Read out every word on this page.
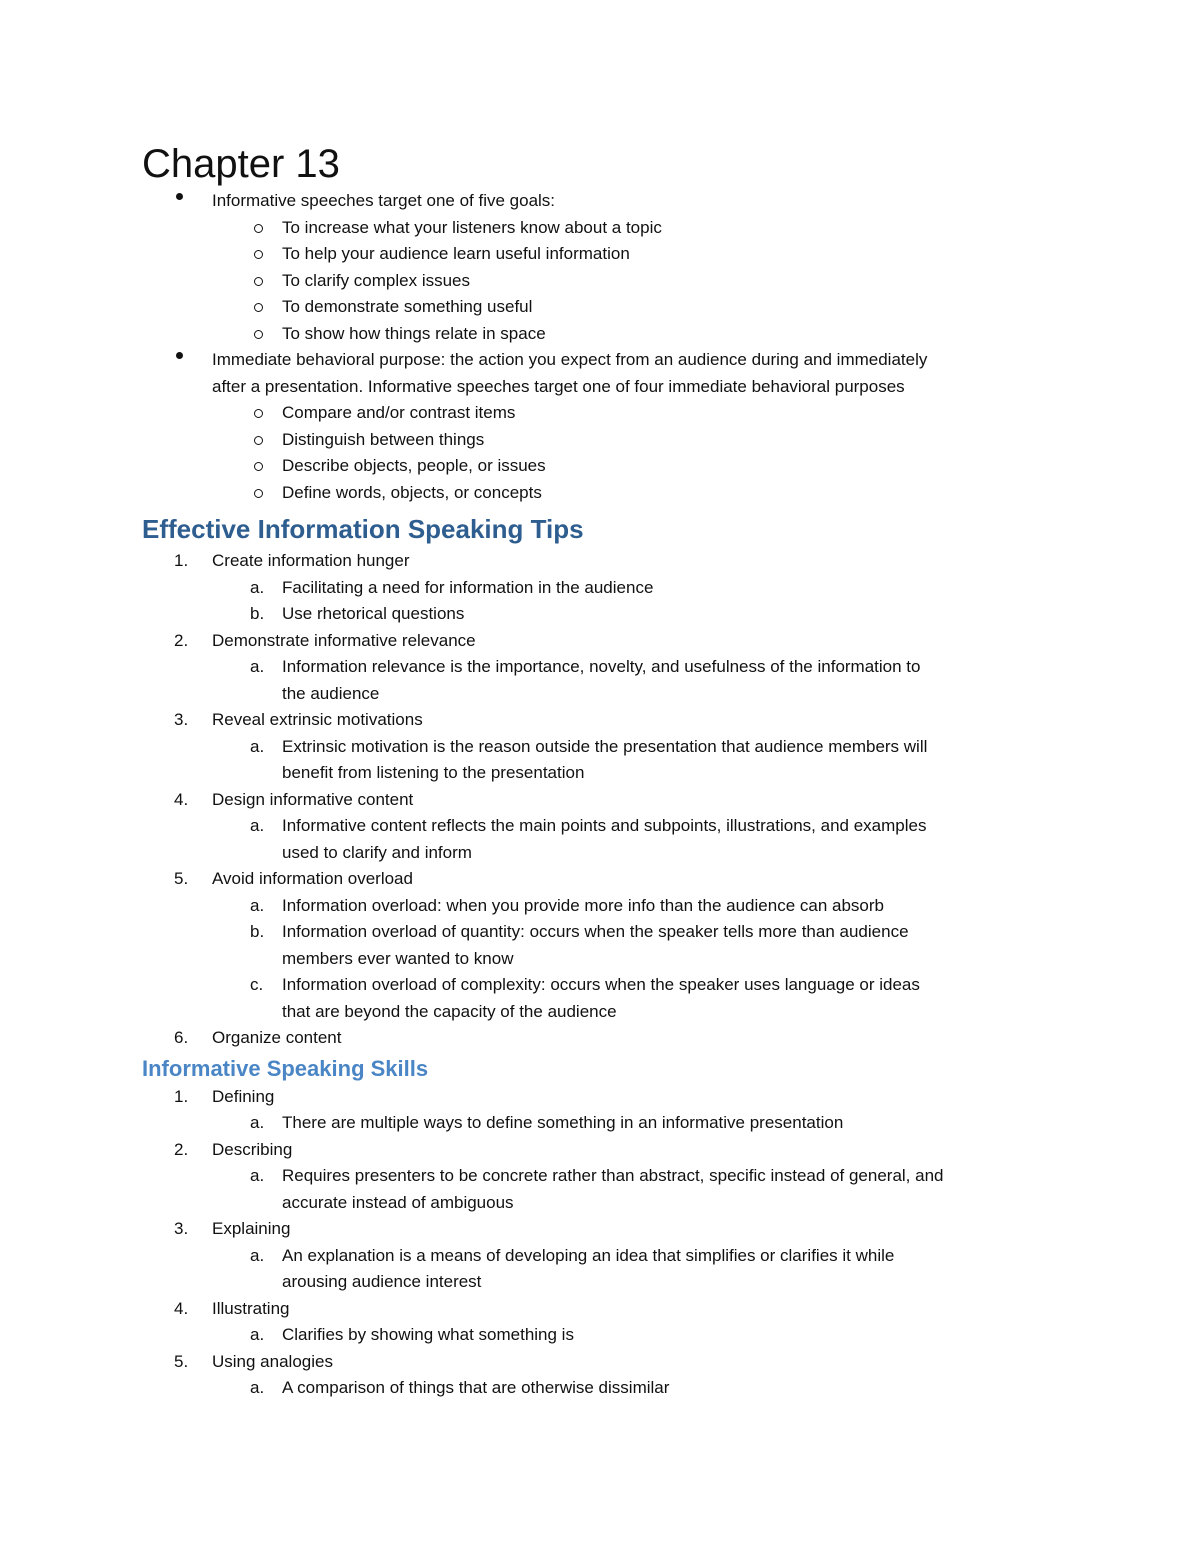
Chapter 13
Informative speeches target one of five goals:
To increase what your listeners know about a topic
To help your audience learn useful information
To clarify complex issues
To demonstrate something useful
To show how things relate in space
Immediate behavioral purpose: the action you expect from an audience during and immediately
after a presentation. Informative speeches target one of four immediate behavioral purposes
Compare and/or contrast items
Distinguish between things
Describe objects, people, or issues
Define words, objects, or concepts
Effective Information Speaking Tips
1. Create information hunger
a. Facilitating a need for information in the audience
b. Use rhetorical questions
2. Demonstrate informative relevance
a. Information relevance is the importance, novelty, and usefulness of the information to
the audience
3. Reveal extrinsic motivations
a. Extrinsic motivation is the reason outside the presentation that audience members will
benefit from listening to the presentation
4. Design informative content
a. Informative content reflects the main points and subpoints, illustrations, and examples
used to clarify and inform
5. Avoid information overload
a. Information overload: when you provide more info than the audience can absorb
b. Information overload of quantity: occurs when the speaker tells more than audience
members ever wanted to know
c. Information overload of complexity: occurs when the speaker uses language or ideas
that are beyond the capacity of the audience
6. Organize content
Informative Speaking Skills
1. Defining
a. There are multiple ways to define something in an informative presentation
2. Describing
a. Requires presenters to be concrete rather than abstract, specific instead of general, and
accurate instead of ambiguous
3. Explaining
a. An explanation is a means of developing an idea that simplifies or clarifies it while
arousing audience interest
4. Illustrating
a. Clarifies by showing what something is
5. Using analogies
a. A comparison of things that are otherwise dissimilar
